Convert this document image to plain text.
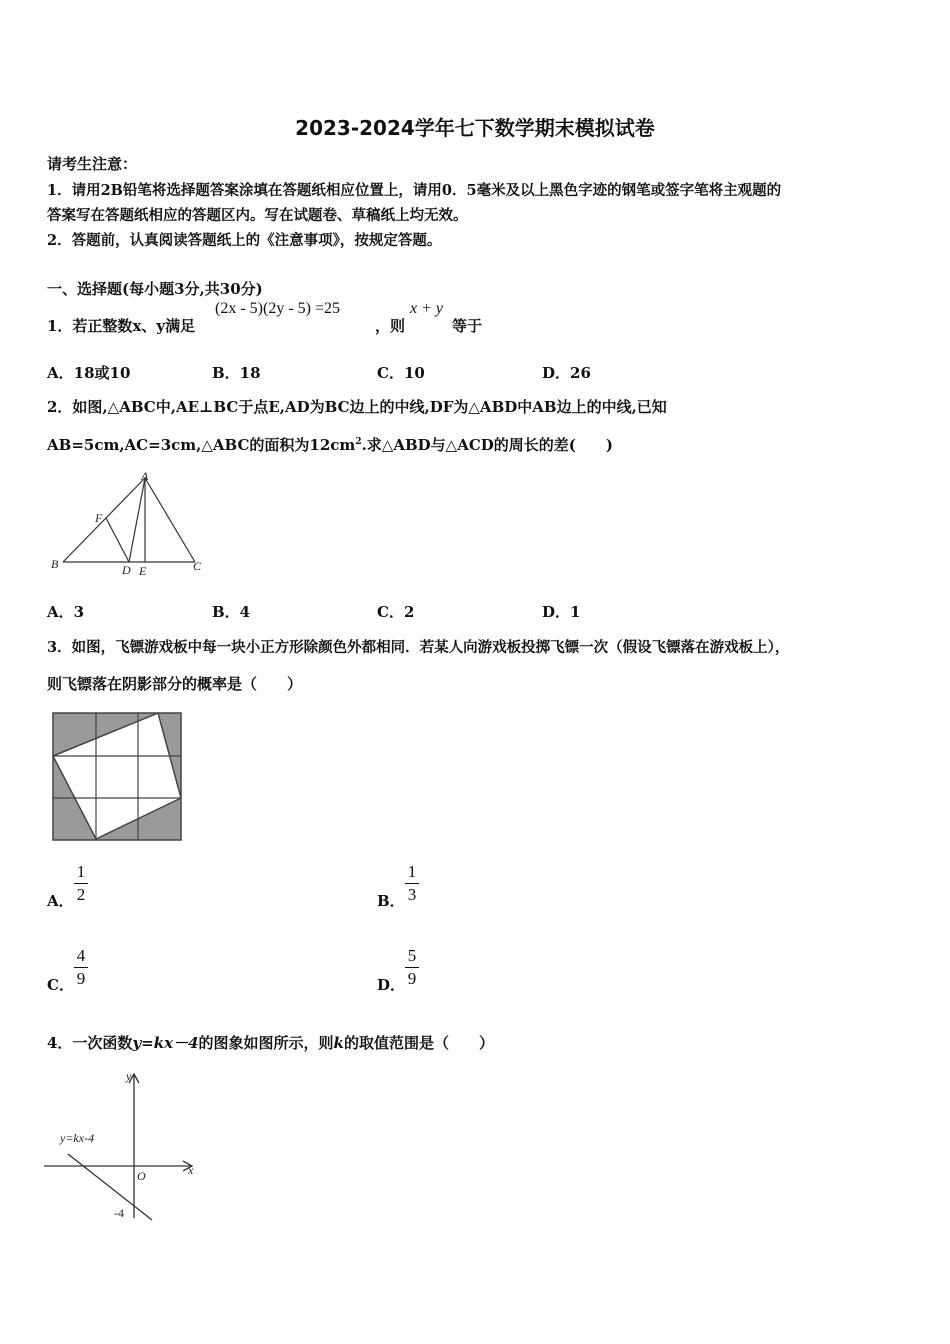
2023-2024学年七下数学期末模拟试卷
请考生注意：
1．请用2B铅笔将选择题答案涂填在答题纸相应位置上，请用0．5毫米及以上黑色字迹的钢笔或签字笔将主观题的
答案写在答题纸相应的答题区内。写在试题卷、草稿纸上均无效。
2．答题前，认真阅读答题纸上的《注意事项》，按规定答题。
一、选择题(每小题3分,共30分)
1．若正整数x、y满足
(2x - 5)(2y - 5) =25
，则
x + y
等于
A．18或10	B．18	C．10	D．26
2．如图,△ABC中,AE⊥BC于点E,AD为BC边上的中线,DF为△ABD中AB边上的中线,已知
AB=5cm,AC=3cm,△ABC的面积为$12cm^2$.求△ABD与△ACD的周长的差(　　)
A
F
B	D E	C
A．3	B．4	C．2	D．1
3．如图，飞镖游戏板中每一块小正方形除颜色外都相同．若某人向游戏板投掷飞镖一次（假设飞镖落在游戏板上），
则飞镖落在阴影部分的概率是（　　）
A．
1
2	B．
1
3
C．
4
9	D．
5
9
4．一次函数y=kx－4的图象如图所示，则k的取值范围是（　　）
y
x
O
y=kx-4
-4
